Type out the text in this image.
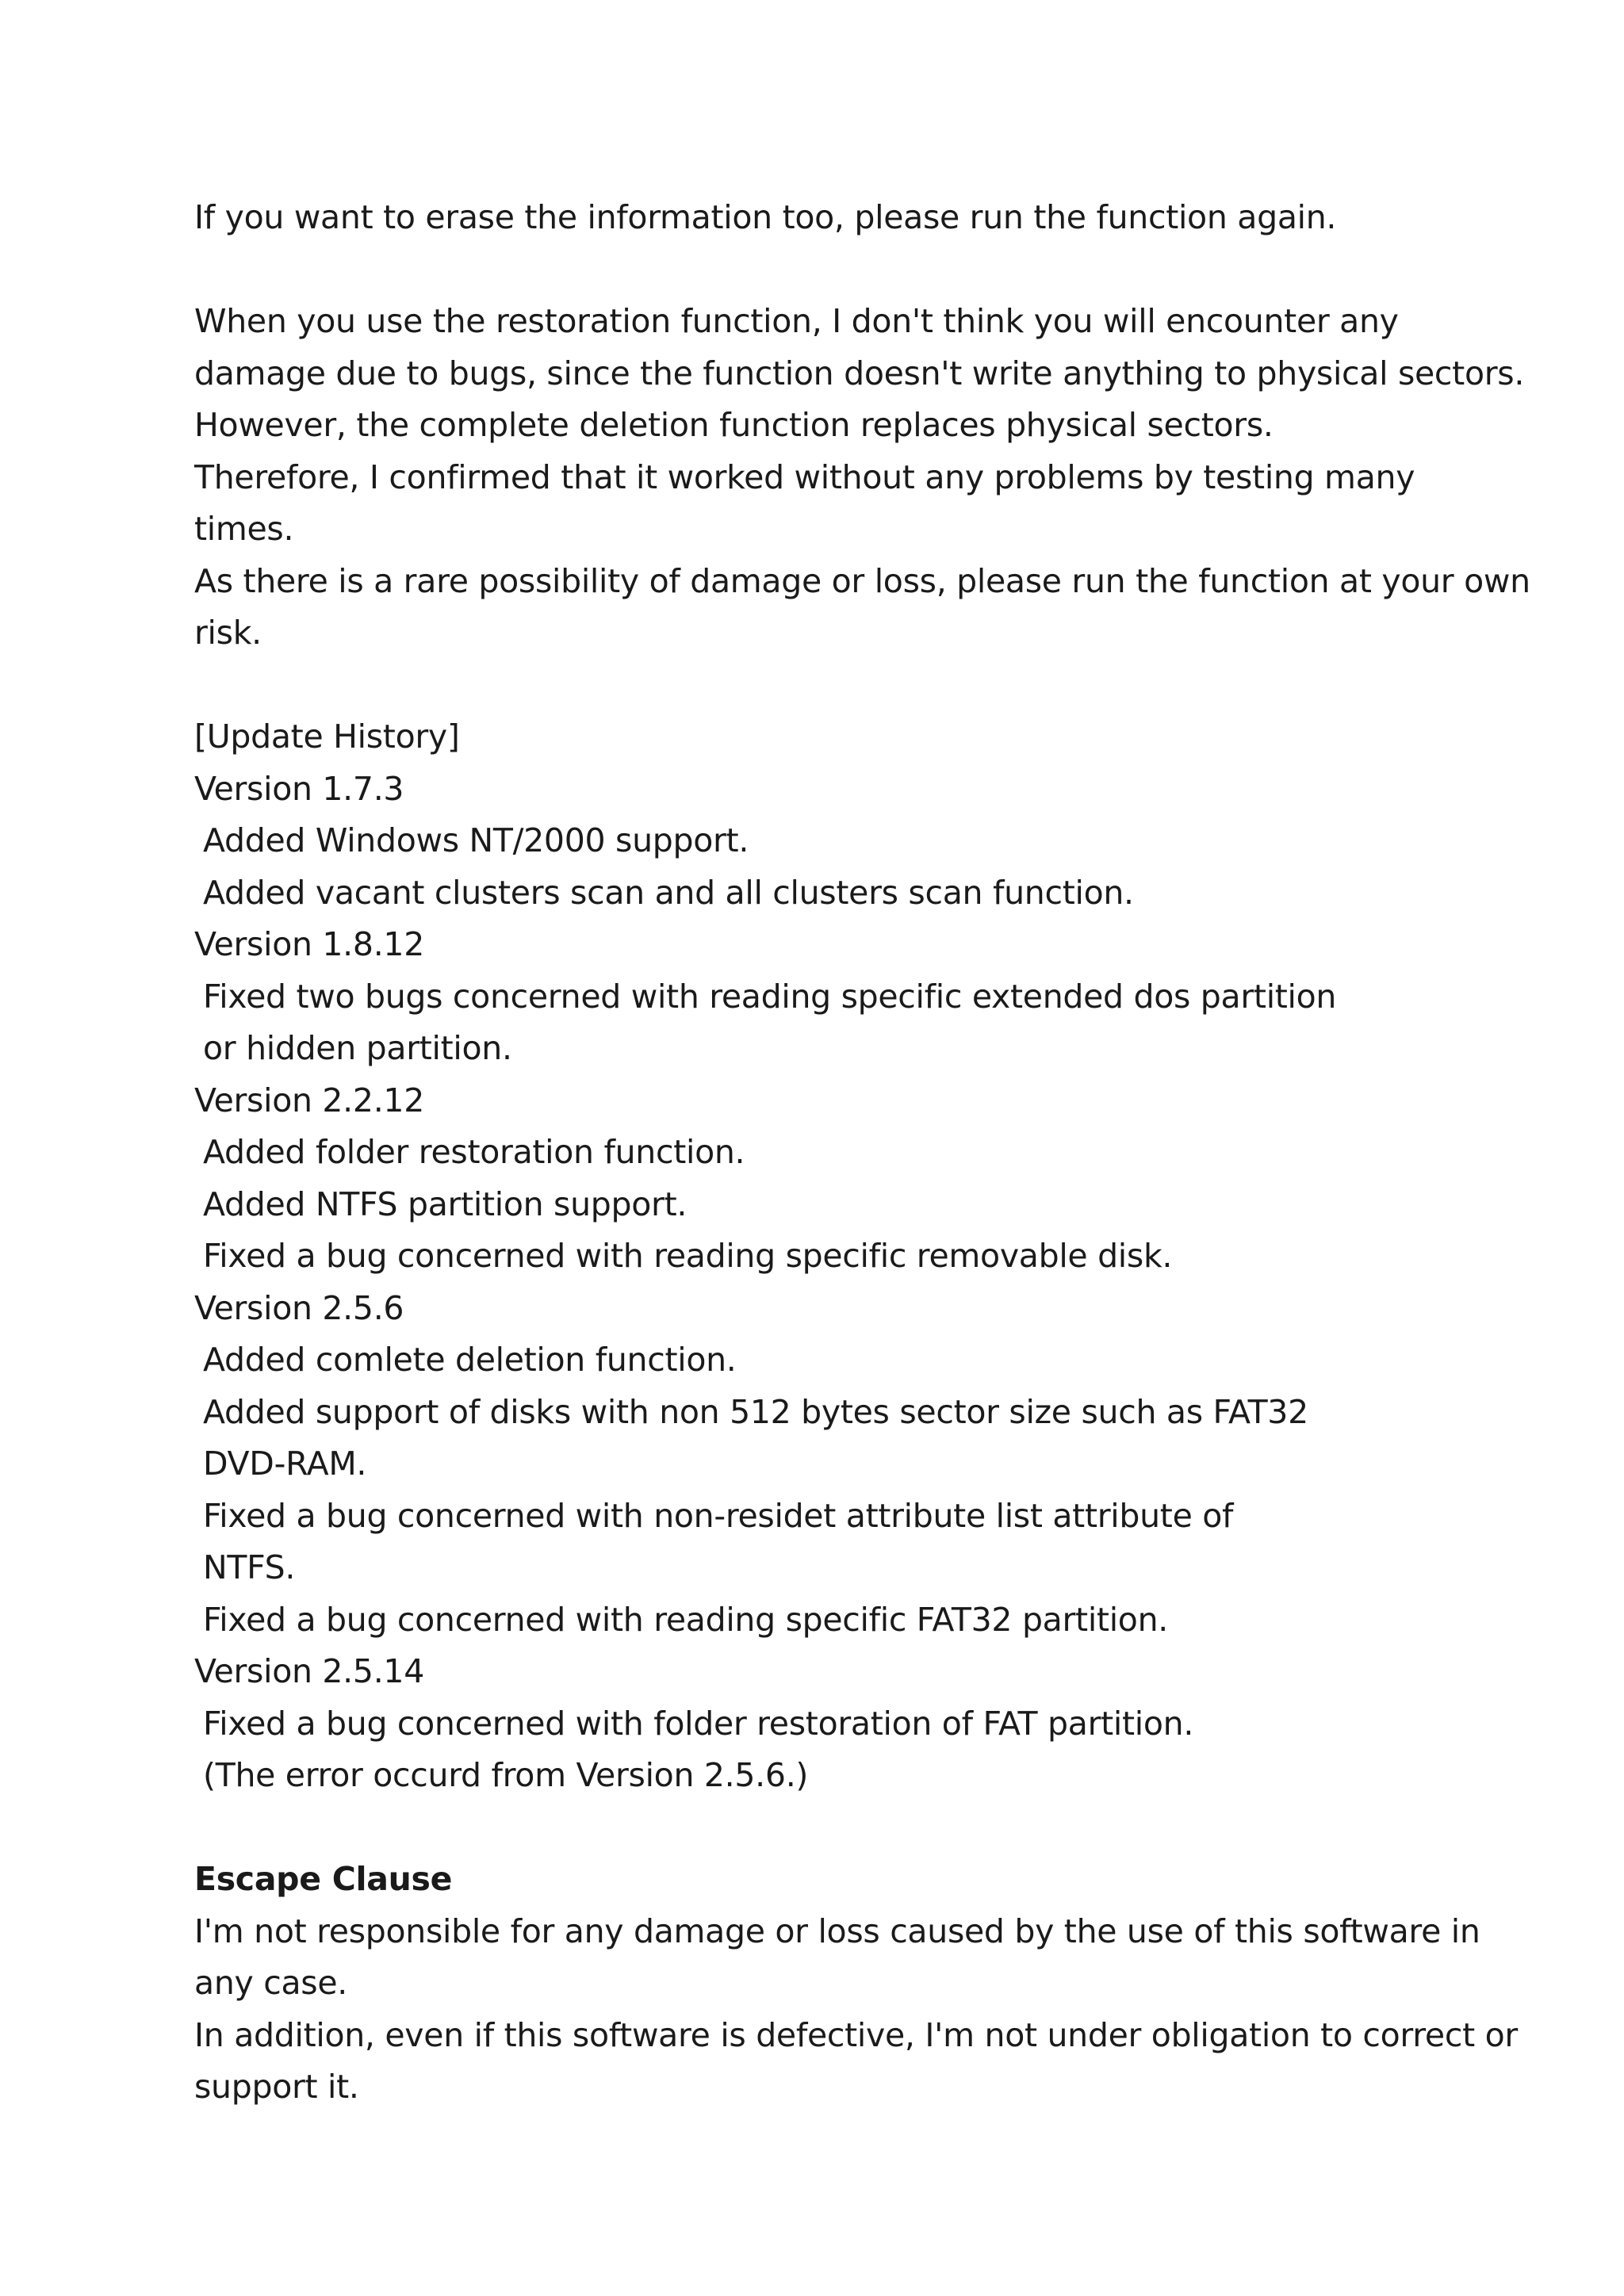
If you want to erase the information too, please run the function again.
When you use the restoration function, I don't think you will encounter any
damage due to bugs, since the function doesn't write anything to physical sectors.
However, the complete deletion function replaces physical sectors.
Therefore, I confirmed that it worked without any problems by testing many
times.
As there is a rare possibility of damage or loss, please run the function at your own
risk.
[Update History]
Version 1.7.3
Added Windows NT/2000 support.
Added vacant clusters scan and all clusters scan function.
Version 1.8.12
Fixed two bugs concerned with reading specific extended dos partition
or hidden partition.
Version 2.2.12
Added folder restoration function.
Added NTFS partition support.
Fixed a bug concerned with reading specific removable disk.
Version 2.5.6
Added comlete deletion function.
Added support of disks with non 512 bytes sector size such as FAT32
DVD-RAM.
Fixed a bug concerned with non-residet attribute list attribute of
NTFS.
Fixed a bug concerned with reading specific FAT32 partition.
Version 2.5.14
Fixed a bug concerned with folder restoration of FAT partition.
(The error occurd from Version 2.5.6.)
Escape Clause
I'm not responsible for any damage or loss caused by the use of this software in
any case.
In addition, even if this software is defective, I'm not under obligation to correct or
support it.
